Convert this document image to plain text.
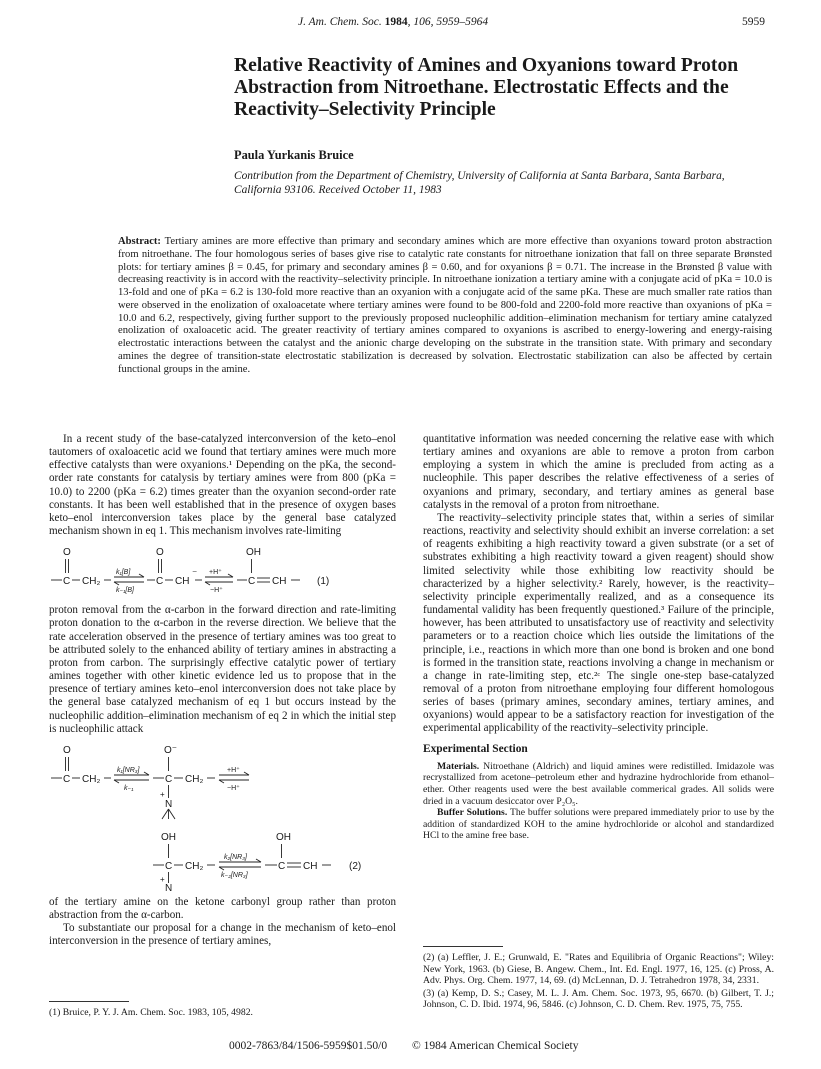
J. Am. Chem. Soc. 1984, 106, 5959–5964	5959
Relative Reactivity of Amines and Oxyanions toward Proton Abstraction from Nitroethane. Electrostatic Effects and the Reactivity–Selectivity Principle
Paula Yurkanis Bruice
Contribution from the Department of Chemistry, University of California at Santa Barbara, Santa Barbara, California 93106. Received October 11, 1983

Abstract: Tertiary amines are more effective than primary and secondary amines which are more effective than oxyanions toward proton abstraction from nitroethane. The four homologous series of bases give rise to catalytic rate constants for nitroethane ionization that fall on three separate Brønsted plots: for tertiary amines β = 0.45, for primary and secondary amines β = 0.60, and for oxyanions β = 0.71. The increase in the Brønsted β value with decreasing reactivity is in accord with the reactivity–selectivity principle. In nitroethane ionization a tertiary amine with a conjugate acid of pKa = 10.0 is 13-fold and one of pKa = 6.2 is 130-fold more reactive than an oxyanion with a conjugate acid of the same pKa. These are much smaller rate ratios than were observed in the enolization of oxaloacetate where tertiary amines were found to be 800-fold and 2200-fold more reactive than oxyanions of pKa = 10.0 and 6.2, respectively, giving further support to the previously proposed nucleophilic addition–elimination mechanism for tertiary amine catalyzed enolization of oxaloacetic acid. The greater reactivity of tertiary amines compared to oxyanions is ascribed to energy-lowering and energy-raising electrostatic interactions between the catalyst and the anionic charge developing on the substrate in the transition state. With primary and secondary amines the degree of transition-state electrostatic stabilization is decreased by solvation. Electrostatic stabilization can also be affected by certain functional groups in the amine.

In a recent study of the base-catalyzed interconversion of the keto–enol tautomers of oxaloacetic acid we found that tertiary amines were much more effective catalysts than were oxyanions.¹ Depending on the pKa, the second-order rate constants for catalysis by tertiary amines were from 800 (pKa = 10.0) to 2200 (pKa = 6.2) times greater than the oxyanion second-order rate constants. It has been well established that in the presence of oxygen bases keto–enol interconversion takes place by the general base catalyzed mechanism shown in eq 1. This mechanism involves rate-limiting

O
C CH₂
k₁[B]
k₋₁[B]
O
C CH
⁻ +H⁺
−H⁺
OH
C CH	(1)

proton removal from the α-carbon in the forward direction and rate-limiting proton donation to the α-carbon in the reverse direction. We believe that the rate acceleration observed in the presence of tertiary amines was too great to be attributed solely to the enhanced ability of tertiary amines in abstracting a proton from carbon. The surprisingly effective catalytic power of tertiary amines together with other kinetic evidence led us to propose that in the presence of tertiary amines keto–enol interconversion does not take place by the general base catalyzed mechanism of eq 1 but occurs instead by the nucleophilic addition–elimination mechanism of eq 2 in which the initial step is nucleophilic attack

O
C CH₂
k₁[NR₃]
k₋₁
O⁻
C CH₂
+
N
+H⁺
−H⁺
OH
C CH₂
+
N
k₂[NR₃]
k₋₂[NR₃]
OH
C CH	(2)

of the tertiary amine on the ketone carbonyl group rather than proton abstraction from the α-carbon.

To substantiate our proposal for a change in the mechanism of keto–enol interconversion in the presence of tertiary amines,

quantitative information was needed concerning the relative ease with which tertiary amines and oxyanions are able to remove a proton from carbon employing a system in which the amine is precluded from acting as a nucleophile. This paper describes the relative effectiveness of a series of oxyanions and primary, secondary, and tertiary amines as general base catalysts in the removal of a proton from nitroethane.

The reactivity–selectivity principle states that, within a series of similar reactions, reactivity and selectivity should exhibit an inverse correlation: a set of reagents exhibiting a high reactivity toward a given substrate (or a set of substrates exhibiting a high reactivity toward a given reagent) should show limited selectivity while those exhibiting low reactivity should be characterized by a higher selectivity.² Rarely, however, is the reactivity–selectivity principle experimentally realized, and as a consequence its fundamental validity has been frequently questioned.³ Failure of the principle, however, has been attributed to unsatisfactory use of reactivity and selectivity parameters or to a reaction choice which lies outside the limitations of the principle, i.e., reactions in which more than one bond is broken and one bond is formed in the transition state, reactions involving a change in mechanism or a change in rate-limiting step, etc.²ᶜ The single one-step base-catalyzed removal of a proton from nitroethane employing four different homologous series of bases (primary amines, secondary amines, tertiary amines, and oxyanions) would appear to be a satisfactory reaction for investigation of the experimental applicability of the reactivity–selectivity principle.

Experimental Section

Materials. Nitroethane (Aldrich) and liquid amines were redistilled. Imidazole was recrystallized from acetone–petroleum ether and hydrazine hydrochloride from ethanol–ether. Other reagents used were the best available commerical grades. All solids were dried in a vacuum desiccator over P₂O₅.

Buffer Solutions. The buffer solutions were prepared immediately prior to use by the addition of standardized KOH to the amine hydrochloride or alcohol and standardized HCl to the amine free base.

(1) Bruice, P. Y. J. Am. Chem. Soc. 1983, 105, 4982.

(2) (a) Leffler, J. E.; Grunwald, E. "Rates and Equilibria of Organic Reactions"; Wiley: New York, 1963. (b) Giese, B. Angew. Chem., Int. Ed. Engl. 1977, 16, 125. (c) Pross, A. Adv. Phys. Org. Chem. 1977, 14, 69. (d) McLennan, D. J. Tetrahedron 1978, 34, 2331.

(3) (a) Kemp, D. S.; Casey, M. L. J. Am. Chem. Soc. 1973, 95, 6670. (b) Gilbert, T. J.; Johnson, C. D. Ibid. 1974, 96, 5846. (c) Johnson, C. D. Chem. Rev. 1975, 75, 755.

0002-7863/84/1506-5959$01.50/0 © 1984 American Chemical Society
